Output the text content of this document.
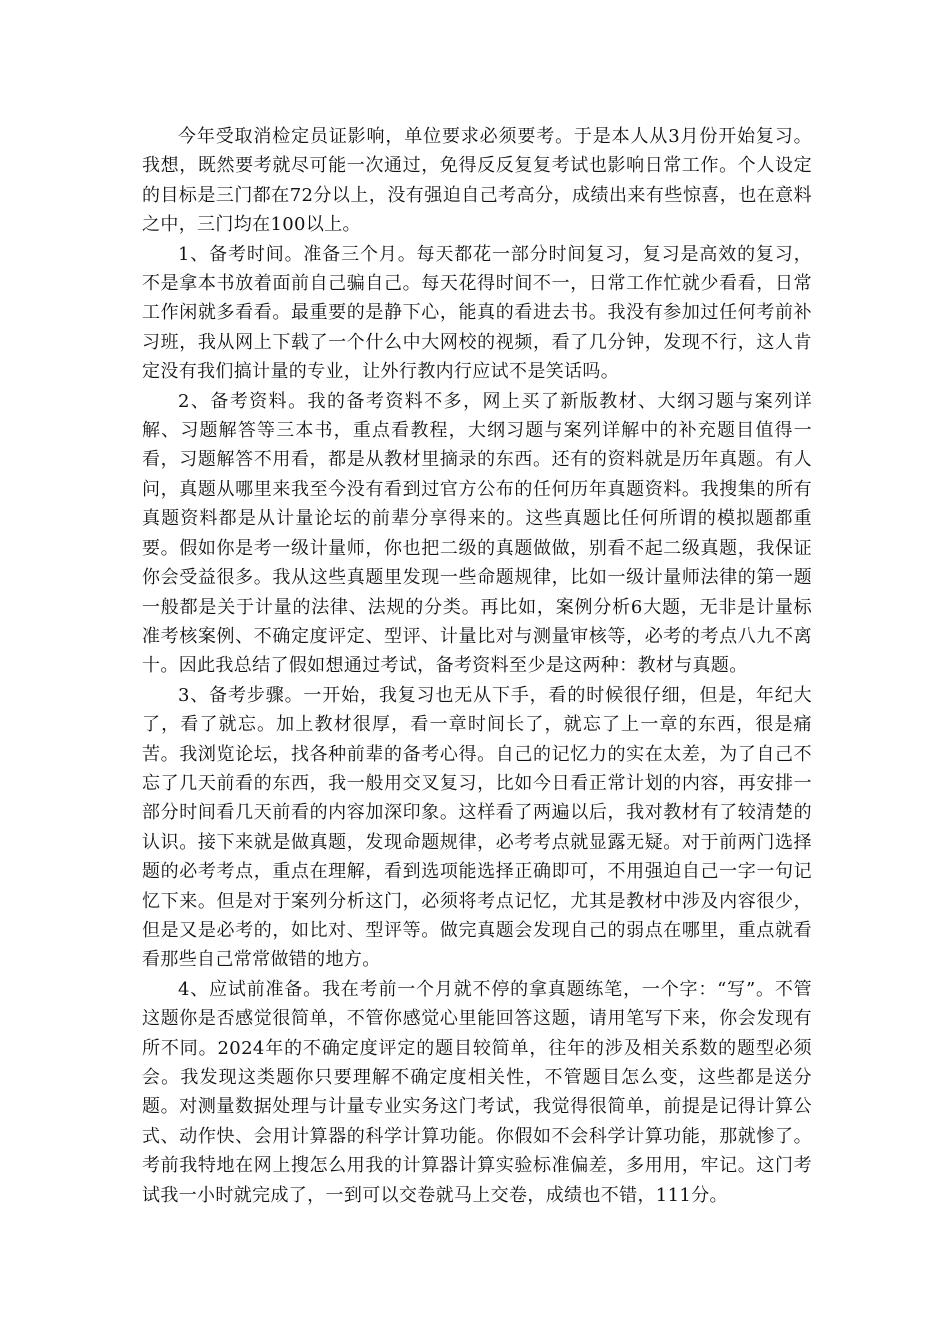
今年受取消检定员证影响，单位要求必须要考。于是本人从3月份开始复习。我想，既然要考就尽可能一次通过，免得反反复复考试也影响日常工作。个人设定的目标是三门都在72分以上，没有强迫自己考高分，成绩出来有些惊喜，也在意料之中，三门均在100以上。

1、备考时间。准备三个月。每天都花一部分时间复习，复习是高效的复习，不是拿本书放着面前自己骗自己。每天花得时间不一，日常工作忙就少看看，日常工作闲就多看看。最重要的是静下心，能真的看进去书。我没有参加过任何考前补习班，我从网上下载了一个什么中大网校的视频，看了几分钟，发现不行，这人肯定没有我们搞计量的专业，让外行教内行应试不是笑话吗。

2、备考资料。我的备考资料不多，网上买了新版教材、大纲习题与案列详解、习题解答等三本书，重点看教程，大纲习题与案列详解中的补充题目值得一看，习题解答不用看，都是从教材里摘录的东西。还有的资料就是历年真题。有人问，真题从哪里来我至今没有看到过官方公布的任何历年真题资料。我搜集的所有真题资料都是从计量论坛的前辈分享得来的。这些真题比任何所谓的模拟题都重要。假如你是考一级计量师，你也把二级的真题做做，别看不起二级真题，我保证你会受益很多。我从这些真题里发现一些命题规律，比如一级计量师法律的第一题一般都是关于计量的法律、法规的分类。再比如，案例分析6大题，无非是计量标准考核案例、不确定度评定、型评、计量比对与测量审核等，必考的考点八九不离十。因此我总结了假如想通过考试，备考资料至少是这两种：教材与真题。

3、备考步骤。一开始，我复习也无从下手，看的时候很仔细，但是，年纪大了，看了就忘。加上教材很厚，看一章时间长了，就忘了上一章的东西，很是痛苦。我浏览论坛，找各种前辈的备考心得。自己的记忆力的实在太差，为了自己不忘了几天前看的东西，我一般用交叉复习，比如今日看正常计划的内容，再安排一部分时间看几天前看的内容加深印象。这样看了两遍以后，我对教材有了较清楚的认识。接下来就是做真题，发现命题规律，必考考点就显露无疑。对于前两门选择题的必考考点，重点在理解，看到选项能选择正确即可，不用强迫自己一字一句记忆下来。但是对于案列分析这门，必须将考点记忆，尤其是教材中涉及内容很少，但是又是必考的，如比对、型评等。做完真题会发现自己的弱点在哪里，重点就看看那些自己常常做错的地方。

4、应试前准备。我在考前一个月就不停的拿真题练笔，一个字：“写”。不管这题你是否感觉很简单，不管你感觉心里能回答这题，请用笔写下来，你会发现有所不同。2024年的不确定度评定的题目较简单，往年的涉及相关系数的题型必须会。我发现这类题你只要理解不确定度相关性，不管题目怎么变，这些都是送分题。对测量数据处理与计量专业实务这门考试，我觉得很简单，前提是记得计算公式、动作快、会用计算器的科学计算功能。你假如不会科学计算功能，那就惨了。考前我特地在网上搜怎么用我的计算器计算实验标准偏差，多用用，牢记。这门考试我一小时就完成了，一到可以交卷就马上交卷，成绩也不错，111分。
